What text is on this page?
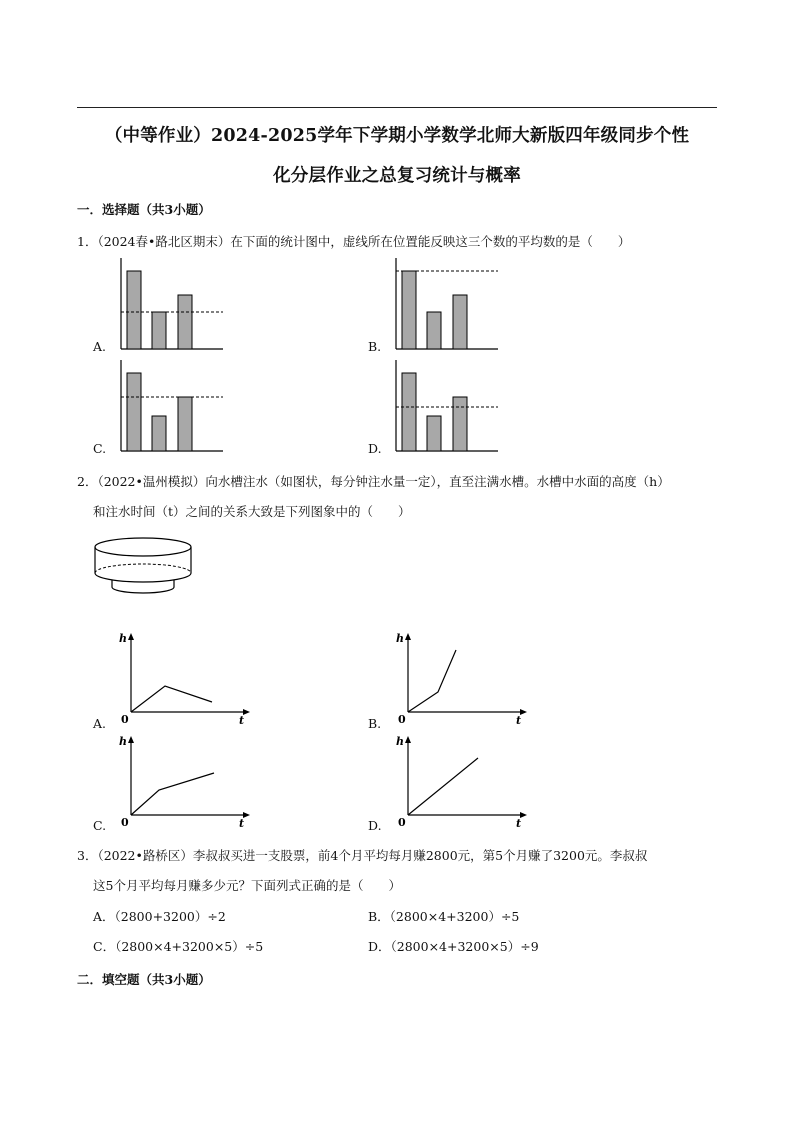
（中等作业）2024-2025学年下学期小学数学北师大新版四年级同步个性
化分层作业之总复习统计与概率
一．选择题（共3小题）
1．（2024春•路北区期末）在下面的统计图中，虚线所在位置能反映这三个数的平均数的是（　　）
A.	B.
C.	D.
2．（2022•温州模拟）向水槽注水（如图状，每分钟注水量一定），直至注满水槽。水槽中水面的高度（h）
和注水时间（t）之间的关系大致是下列图象中的（　　）
A.
h
0	t	B.
h
0	t
C.
h
0	t	D.
h
0	t
3．（2022•路桥区）李叔叔买进一支股票，前4个月平均每月赚2800元，第5个月赚了3200元。李叔叔
这5个月平均每月赚多少元？下面列式正确的是（　　）
A．（2800+3200）÷2	B．（2800×4+3200）÷5
C．（2800×4+3200×5）÷5	D．（2800×4+3200×5）÷9
二．填空题（共3小题）
